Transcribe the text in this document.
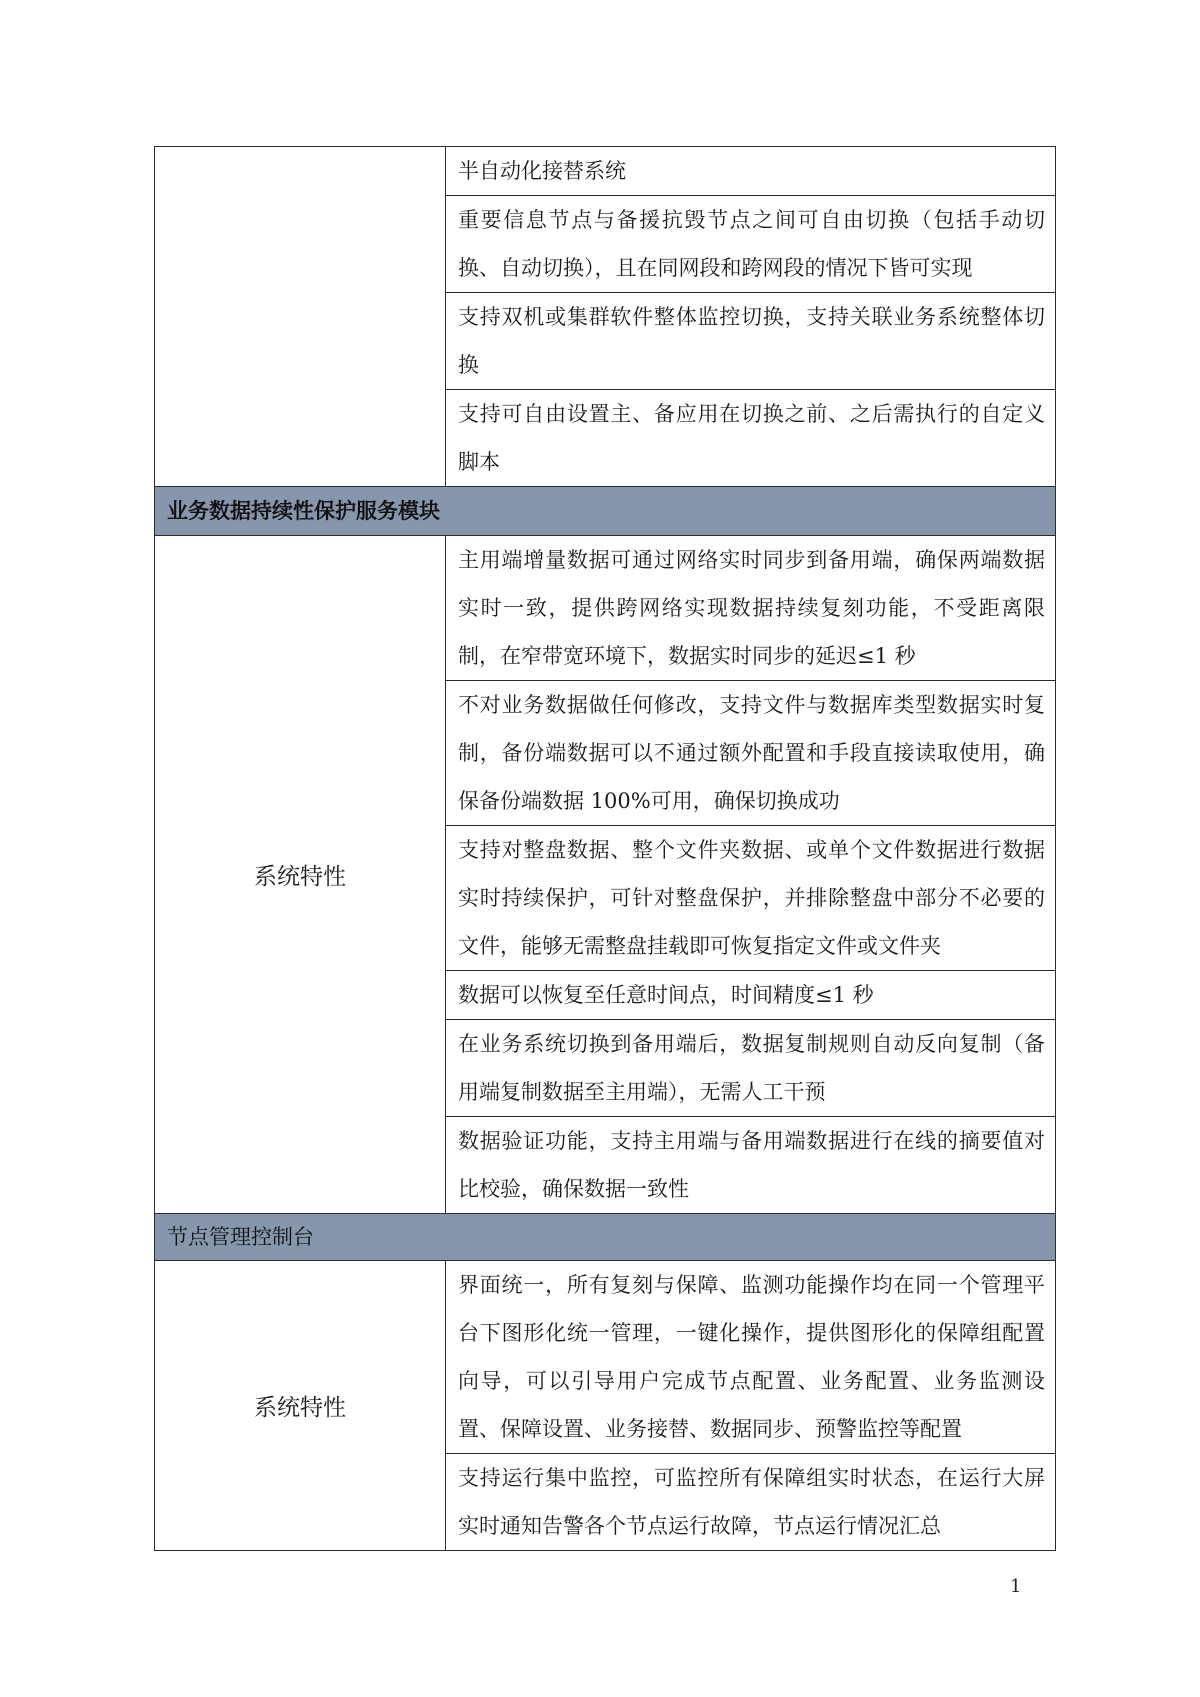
	半自动化接替系统
	重要信息节点与备援抗毁节点之间可自由切换（包括手动切换、自动切换），且在同网段和跨网段的情况下皆可实现
	支持双机或集群软件整体监控切换，支持关联业务系统整体切换
	支持可自由设置主、备应用在切换之前、之后需执行的自定义脚本
业务数据持续性保护服务模块	
系统特性	主用端增量数据可通过网络实时同步到备用端，确保两端数据实时一致，提供跨网络实现数据持续复刻功能，不受距离限制，在窄带宽环境下，数据实时同步的延迟≤1 秒
	不对业务数据做任何修改，支持文件与数据库类型数据实时复制，备份端数据可以不通过额外配置和手段直接读取使用，确保备份端数据 100%可用，确保切换成功
	支持对整盘数据、整个文件夹数据、或单个文件数据进行数据实时持续保护，可针对整盘保护，并排除整盘中部分不必要的文件，能够无需整盘挂载即可恢复指定文件或文件夹
	数据可以恢复至任意时间点，时间精度≤1 秒
	在业务系统切换到备用端后，数据复制规则自动反向复制（备用端复制数据至主用端），无需人工干预
	数据验证功能，支持主用端与备用端数据进行在线的摘要值对比校验，确保数据一致性
节点管理控制台	
系统特性	界面统一，所有复刻与保障、监测功能操作均在同一个管理平台下图形化统一管理，一键化操作，提供图形化的保障组配置向导，可以引导用户完成节点配置、业务配置、业务监测设置、保障设置、业务接替、数据同步、预警监控等配置
	支持运行集中监控，可监控所有保障组实时状态，在运行大屏实时通知告警各个节点运行故障，节点运行情况汇总
1
